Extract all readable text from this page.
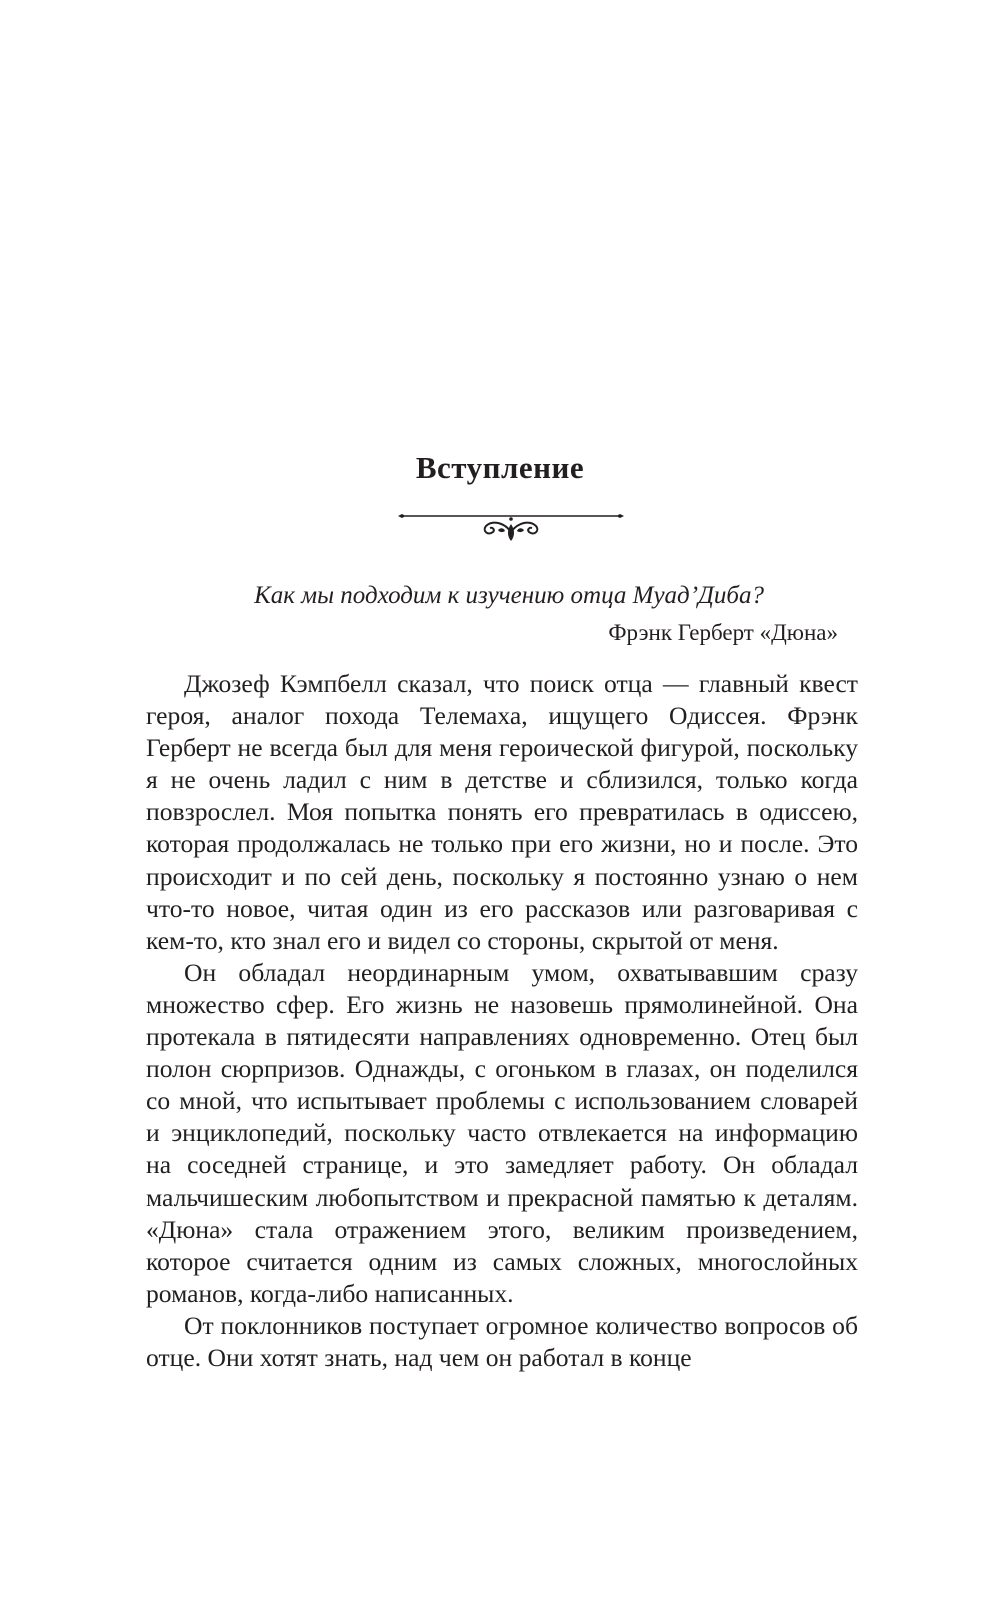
Вступление

Как мы подходим к изучению отца Муад’Диба?

Фрэнк Герберт «Дюна»

Джозеф Кэмпбелл сказал, что поиск отца — главный квест героя, аналог похода Телемаха, ищущего Одиссея. Фрэнк Герберт не всегда был для меня героической фигурой, поскольку я не очень ладил с ним в детстве и сблизился, только когда повзрослел. Моя попытка понять его превратилась в одиссею, которая продолжалась не только при его жизни, но и после. Это происходит и по сей день, поскольку я постоянно узнаю о нем что-то новое, читая один из его рассказов или разговаривая с кем-то, кто знал его и видел со стороны, скрытой от меня.

Он обладал неординарным умом, охватывавшим сразу множество сфер. Его жизнь не назовешь прямолинейной. Она протекала в пятидесяти направлениях одновременно. Отец был полон сюрпризов. Однажды, с огоньком в глазах, он поделился со мной, что испытывает проблемы с использованием словарей и энциклопедий, поскольку часто отвлекается на информацию на соседней странице, и это замедляет работу. Он обладал мальчишеским любопытством и прекрасной памятью к деталям. «Дюна» стала отражением этого, великим произведением, которое считается одним из самых сложных, многослойных романов, когда-либо написанных.

От поклонников поступает огромное количество вопросов об отце. Они хотят знать, над чем он работал в конце
